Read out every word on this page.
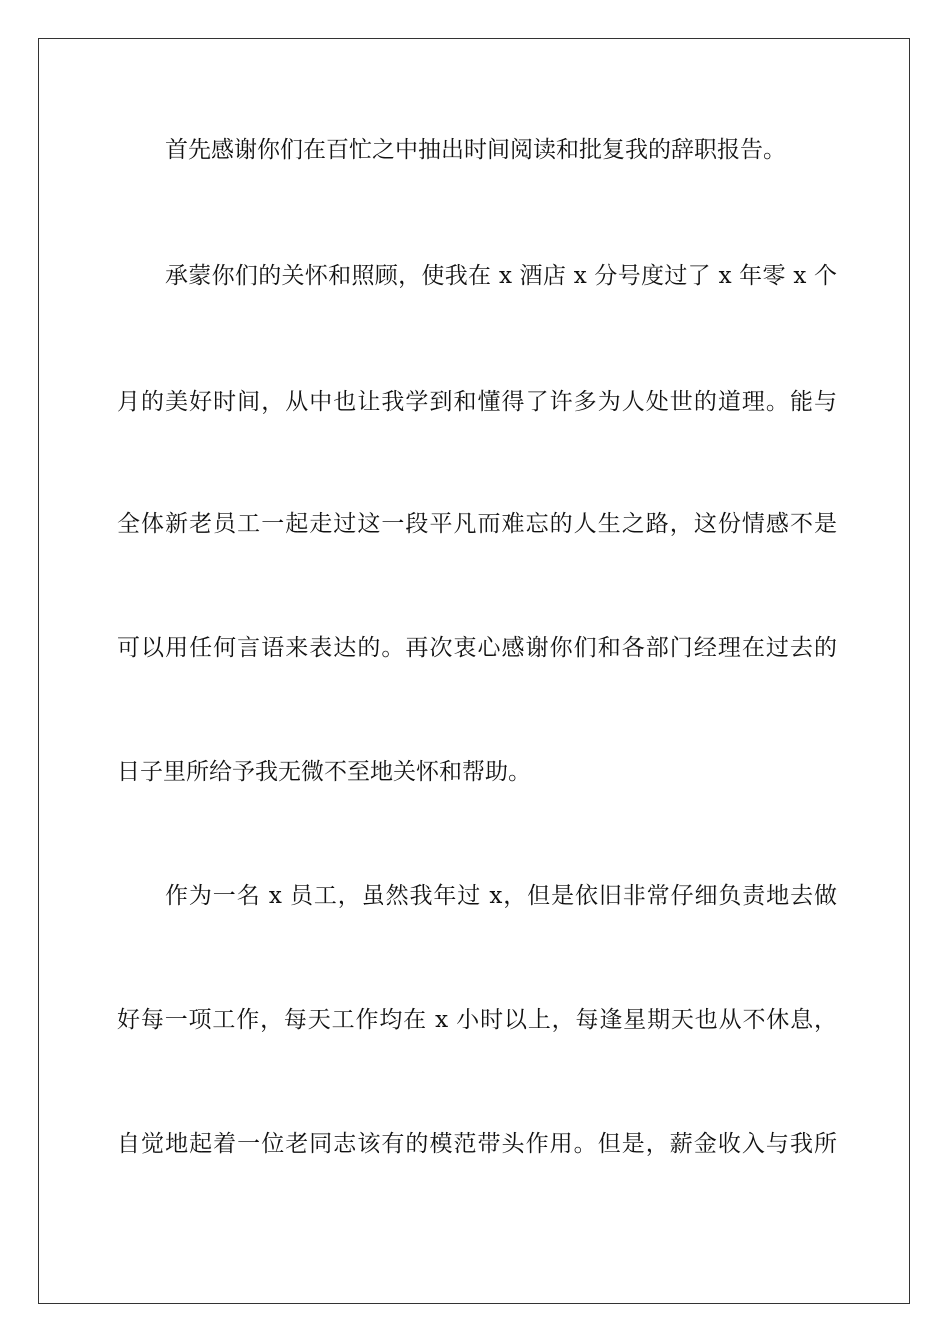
首先感谢你们在百忙之中抽出时间阅读和批复我的辞职报告。
承蒙你们的关怀和照顾，使我在 x 酒店 x 分号度过了 x 年零 x 个
月的美好时间，从中也让我学到和懂得了许多为人处世的道理。能与
全体新老员工一起走过这一段平凡而难忘的人生之路，这份情感不是
可以用任何言语来表达的。再次衷心感谢你们和各部门经理在过去的
日子里所给予我无微不至地关怀和帮助。
作为一名 x 员工，虽然我年过 x，但是依旧非常仔细负责地去做
好每一项工作，每天工作均在 x 小时以上，每逢星期天也从不休息，
自觉地起着一位老同志该有的模范带头作用。但是，薪金收入与我所
